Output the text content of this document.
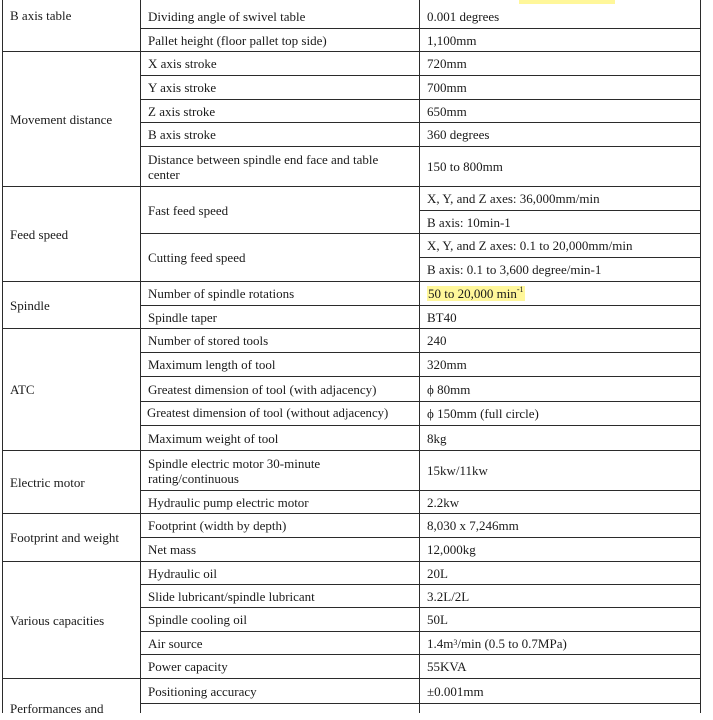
B axis table
Movement distance
Feed speed
Spindle
ATC
Electric motor
Footprint and weight
Various capacities
Performances and
Dividing angle of swivel table
Pallet height (floor pallet top side)
X axis stroke
Y axis stroke
Z axis stroke
B axis stroke
Distance between spindle end face and table center
Fast feed speed
Cutting feed speed
Number of spindle rotations
Spindle taper
Number of stored tools
Maximum length of tool
Greatest dimension of tool (with adjacency)
Greatest dimension of tool (without adjacency)
Maximum weight of tool
Spindle electric motor 30-minute rating/continuous
Hydraulic pump electric motor
Footprint (width by depth)
Net mass
Hydraulic oil
Slide lubricant/spindle lubricant
Spindle cooling oil
Air source
Power capacity
Positioning accuracy
0.001 degrees
1,100mm
720mm
700mm
650mm
360 degrees
150 to 800mm
X, Y, and Z axes: 36,000mm/min
B axis: 10min-1
X, Y, and Z axes: 0.1 to 20,000mm/min
B axis: 0.1 to 3,600 degree/min-1
50 to 20,000 $\min^{-1}$
BT40
240
320mm
ϕ 80mm
ϕ 150mm (full circle)
8kg
15kw/11kw
2.2kw
8,030 x 7,246mm
12,000kg
20L
3.2L/2L
50L
1.4m 3 /min (0.5 to 0.7MPa)
55KVA
±0.001mm
